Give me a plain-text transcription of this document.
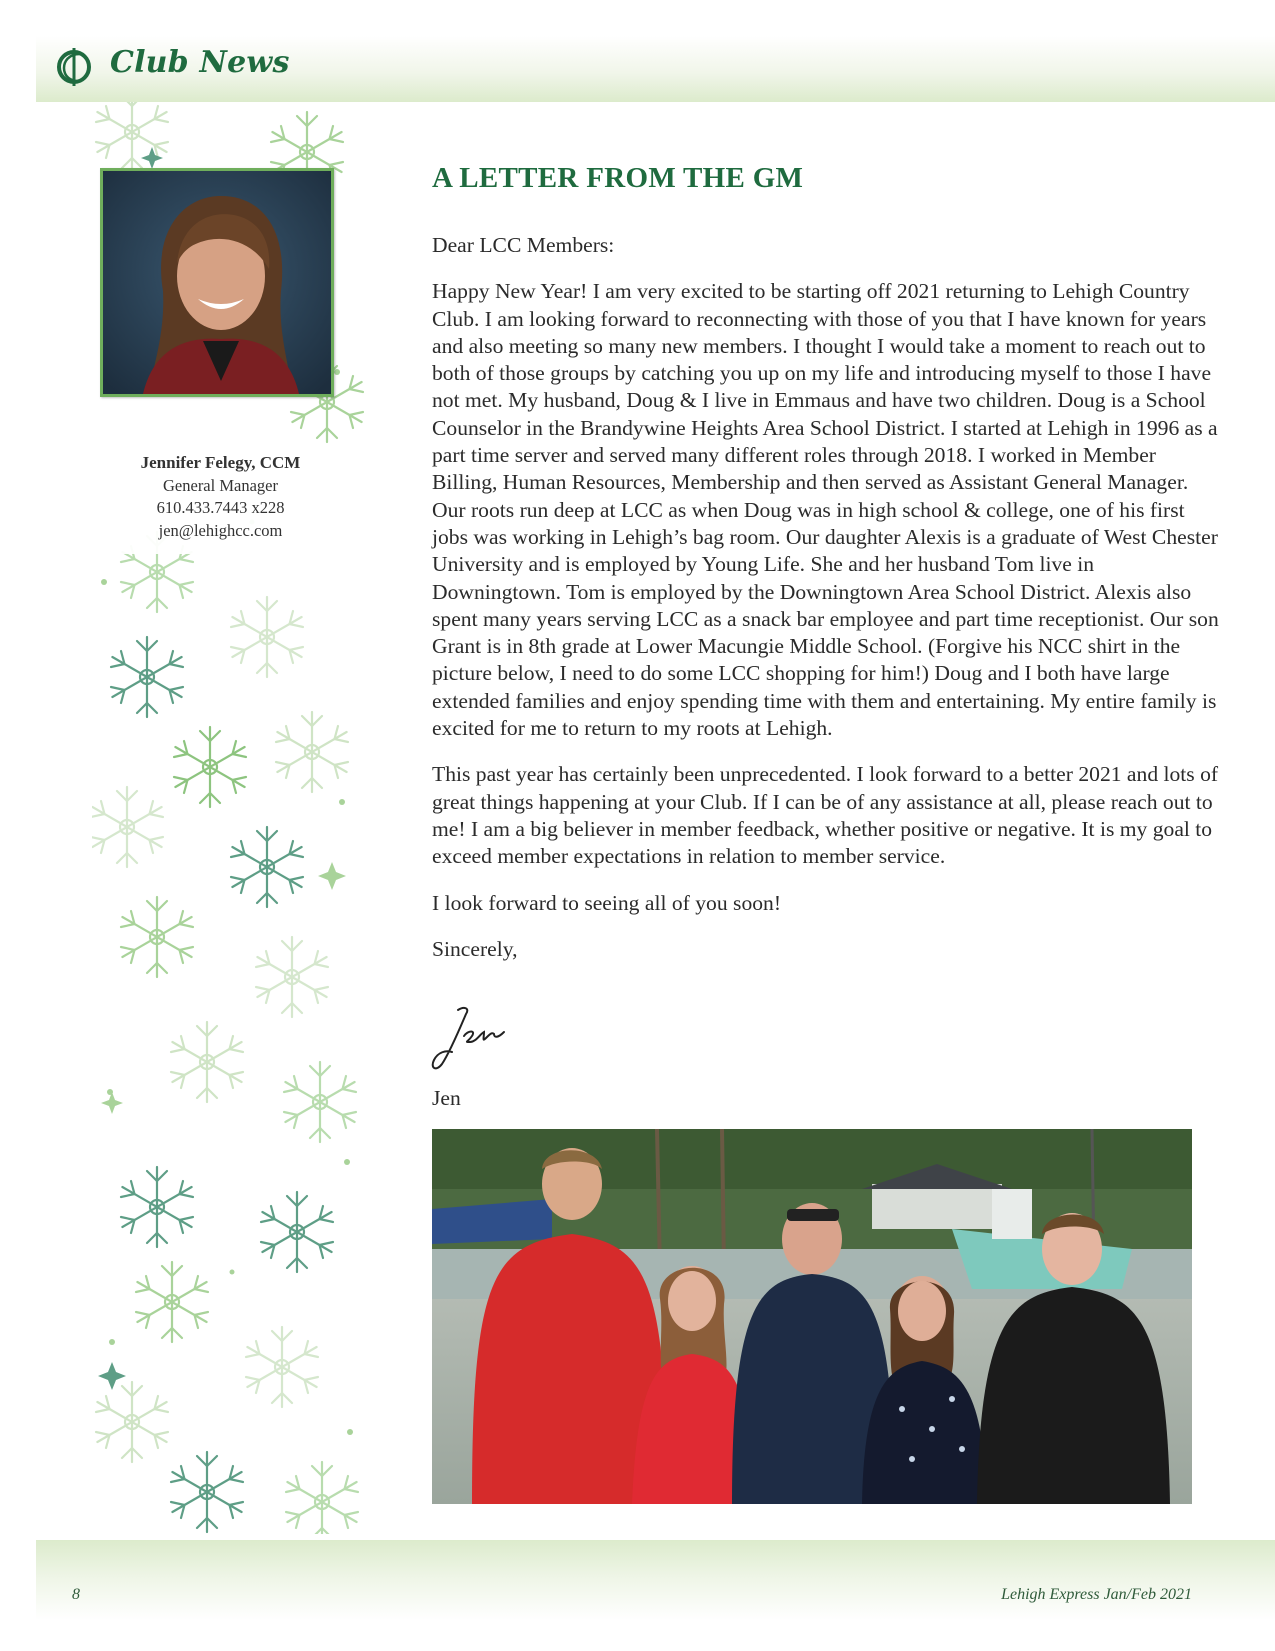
Club News
Jennifer Felegy, CCM
General Manager
610.433.7443 x228
jen@lehighcc.com
A LETTER FROM THE GM

Dear LCC Members:

Happy New Year! I am very excited to be starting off 2021 returning to Lehigh Country Club. I am looking forward to reconnecting with those of you that I have known for years and also meeting so many new members. I thought I would take a moment to reach out to both of those groups by catching you up on my life and introducing myself to those I have not met. My husband, Doug & I live in Emmaus and have two children. Doug is a School Counselor in the Brandywine Heights Area School District. I started at Lehigh in 1996 as a part time server and served many different roles through 2018. I worked in Member Billing, Human Resources, Membership and then served as Assistant General Manager. Our roots run deep at LCC as when Doug was in high school & college, one of his first jobs was working in Lehigh’s bag room. Our daughter Alexis is a graduate of West Chester University and is employed by Young Life. She and her husband Tom live in Downingtown. Tom is employed by the Downingtown Area School District. Alexis also spent many years serving LCC as a snack bar employee and part time receptionist. Our son Grant is in 8th grade at Lower Macungie Middle School. (Forgive his NCC shirt in the picture below, I need to do some LCC shopping for him!) Doug and I both have large extended families and enjoy spending time with them and entertaining. My entire family is excited for me to return to my roots at Lehigh.

This past year has certainly been unprecedented. I look forward to a better 2021 and lots of great things happening at your Club. If I can be of any assistance at all, please reach out to me! I am a big believer in member feedback, whether positive or negative. It is my goal to exceed member expectations in relation to member service.

I look forward to seeing all of you soon!

Sincerely,

Jen
8	Lehigh Express Jan/Feb 2021
